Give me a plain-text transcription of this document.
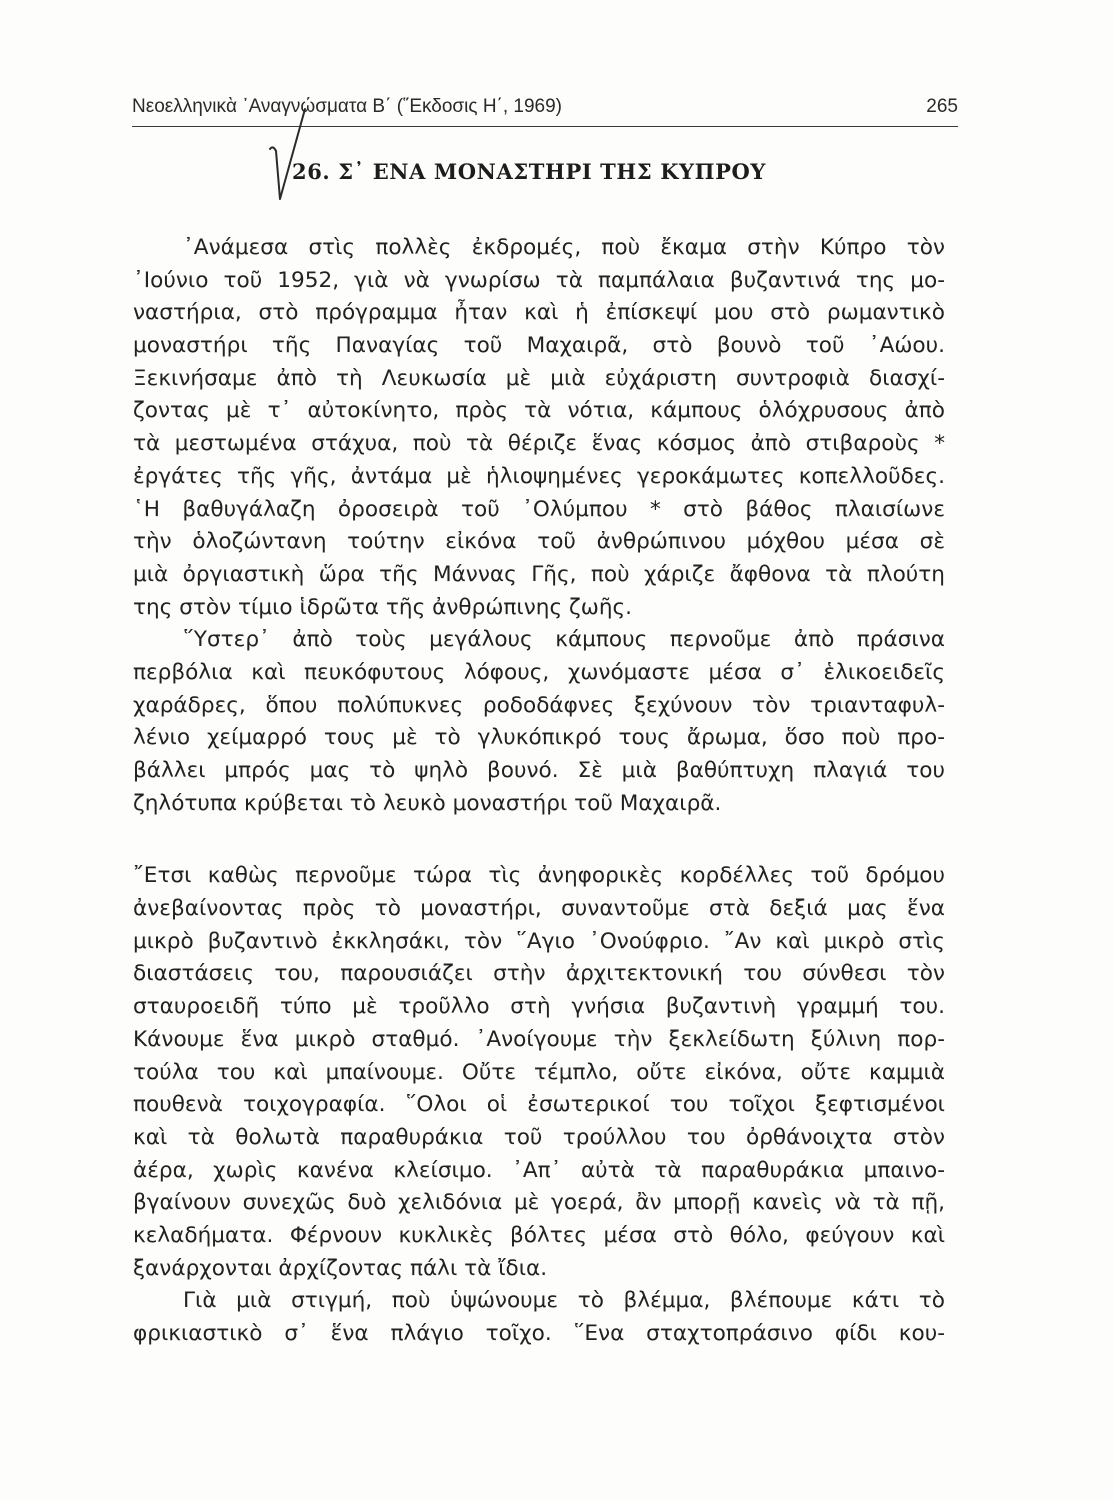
Νεοελληνικὰ ᾿Αναγνώσματα Β΄ (῞Εκδοσις Η΄, 1969)	265
26. Σ᾿ ΕΝΑ ΜΟΝΑΣΤΗΡΙ ΤΗΣ ΚΥΠΡΟΥ
᾿Ανάμεσα στὶς πολλὲς ἐκδρομές, ποὺ ἔκαμα στὴν Κύπρο τὸν
᾿Ιούνιο τοῦ 1952, γιὰ νὰ γνωρίσω τὰ παμπάλαια βυζαντινά της μο-
ναστήρια, στὸ πρόγραμμα ἦταν καὶ ἡ ἐπίσκεψί μου στὸ ρωμαντικὸ
μοναστήρι τῆς Παναγίας τοῦ Μαχαιρᾶ, στὸ βουνὸ τοῦ ᾿Αώου.
Ξεκινήσαμε ἀπὸ τὴ Λευκωσία μὲ μιὰ εὐχάριστη συντροφιὰ διασχί-
ζοντας μὲ τ᾿ αὐτοκίνητο, πρὸς τὰ νότια, κάμπους ὁλόχρυσους ἀπὸ
τὰ μεστωμένα στάχυα, ποὺ τὰ θέριζε ἕνας κόσμος ἀπὸ στιβαροὺς *
ἐργάτες τῆς γῆς, ἀντάμα μὲ ἡλιοψημένες γεροκάμωτες κοπελλοῦδες.
῾Η βαθυγάλαζη ὀροσειρὰ τοῦ ᾿Ολύμπου * στὸ βάθος πλαισίωνε
τὴν ὁλοζώντανη τούτην εἰκόνα τοῦ ἀνθρώπινου μόχθου μέσα σὲ
μιὰ ὀργιαστικὴ ὥρα τῆς Μάννας Γῆς, ποὺ χάριζε ἄφθονα τὰ πλούτη
της στὸν τίμιο ἱδρῶτα τῆς ἀνθρώπινης ζωῆς.
῞Υστερ᾿ ἀπὸ τοὺς μεγάλους κάμπους περνοῦμε ἀπὸ πράσινα
περβόλια καὶ πευκόφυτους λόφους, χωνόμαστε μέσα σ᾿ ἑλικοειδεῖς
χαράδρες, ὅπου πολύπυκνες ροδοδάφνες ξεχύνουν τὸν τριανταφυλ-
λένιο χείμαρρό τους μὲ τὸ γλυκόπικρό τους ἄρωμα, ὅσο ποὺ προ-
βάλλει μπρός μας τὸ ψηλὸ βουνό. Σὲ μιὰ βαθύπτυχη πλαγιά του
ζηλότυπα κρύβεται τὸ λευκὸ μοναστήρι τοῦ Μαχαιρᾶ.
῎Ετσι καθὼς περνοῦμε τώρα τὶς ἀνηφορικὲς κορδέλλες τοῦ δρόμου
ἀνεβαίνοντας πρὸς τὸ μοναστήρι, συναντοῦμε στὰ δεξιά μας ἕνα
μικρὸ βυζαντινὸ ἐκκλησάκι, τὸν ῞Αγιο ᾿Ονούφριο. ῎Αν καὶ μικρὸ στὶς
διαστάσεις του, παρουσιάζει στὴν ἀρχιτεκτονική του σύνθεσι τὸν
σταυροειδῆ τύπο μὲ τροῦλλο στὴ γνήσια βυζαντινὴ γραμμή του.
Κάνουμε ἕνα μικρὸ σταθμό. ᾿Ανοίγουμε τὴν ξεκλείδωτη ξύλινη πορ-
τούλα του καὶ μπαίνουμε. Οὔτε τέμπλο, οὔτε εἰκόνα, οὔτε καμμιὰ
πουθενὰ τοιχογραφία. ῞Ολοι οἱ ἐσωτερικοί του τοῖχοι ξεφτισμένοι
καὶ τὰ θολωτὰ παραθυράκια τοῦ τρούλλου του ὀρθάνοιχτα στὸν
ἀέρα, χωρὶς κανένα κλείσιμο. ᾿Απ᾿ αὐτὰ τὰ παραθυράκια μπαινο-
βγαίνουν συνεχῶς δυὸ χελιδόνια μὲ γοερά, ἂν μπορῇ κανεὶς νὰ τὰ πῇ,
κελαδήματα. Φέρνουν κυκλικὲς βόλτες μέσα στὸ θόλο, φεύγουν καὶ
ξανάρχονται ἀρχίζοντας πάλι τὰ ἴδια.
Γιὰ μιὰ στιγμή, ποὺ ὑψώνουμε τὸ βλέμμα, βλέπουμε κάτι τὸ
φρικιαστικὸ σ᾿ ἕνα πλάγιο τοῖχο. ῞Ενα σταχτοπράσινο φίδι κου-
